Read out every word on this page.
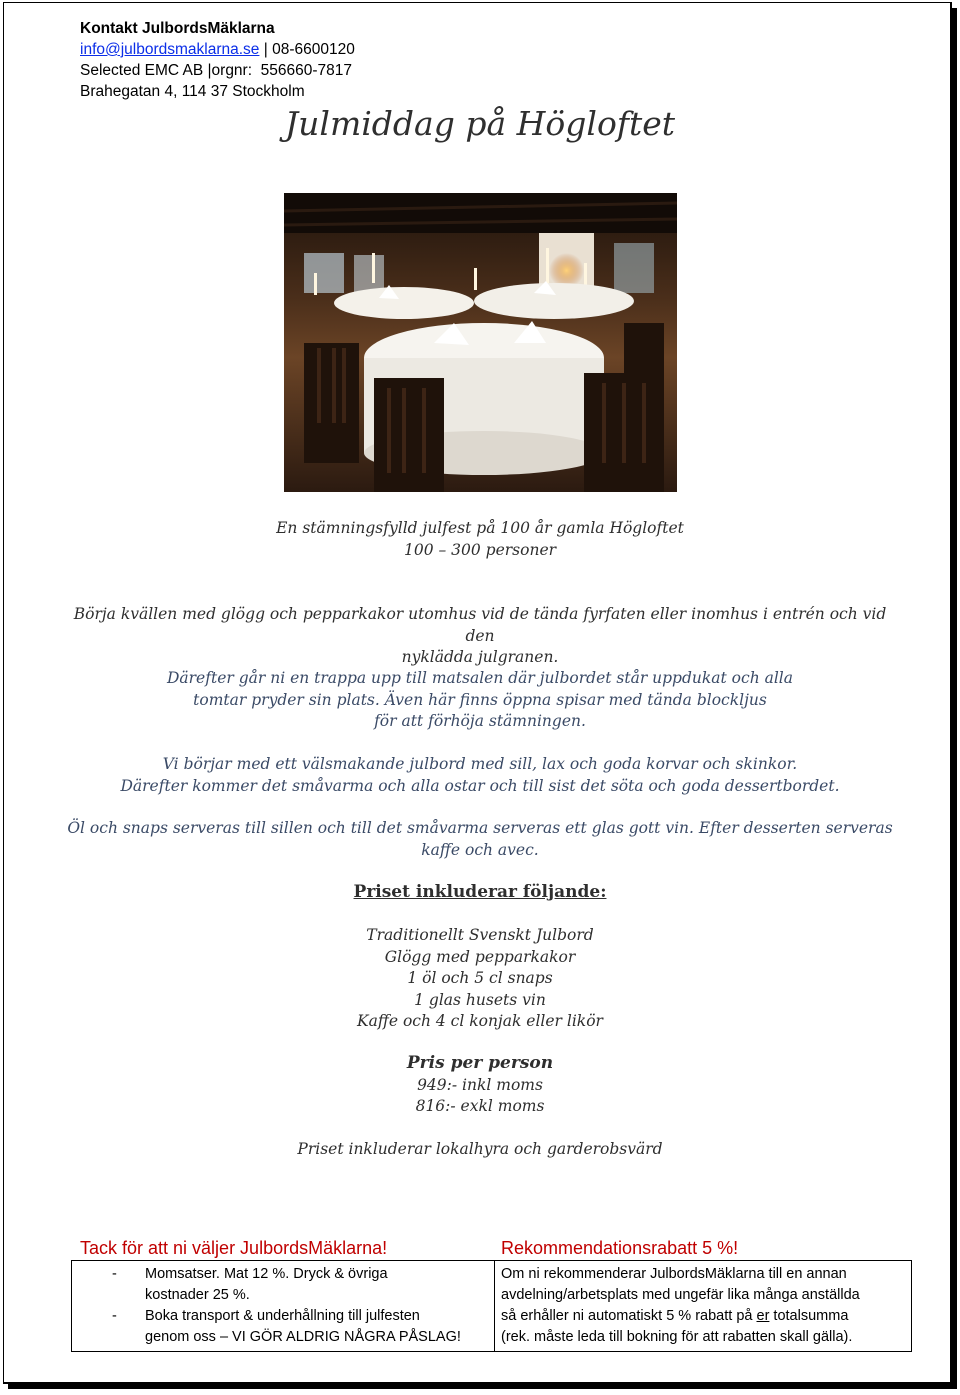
Kontakt JulbordsMäklarna
info@julbordsmaklarna.se | 08-6600120
Selected EMC AB |orgnr:  556660-7817
Brahegatan 4, 114 37 Stockholm
Julmiddag på Högloftet
En stämningsfylld julfest på 100 år gamla Högloftet
100 – 300 personer
Börja kvällen med glögg och pepparkakor utomhus vid de tända fyrfaten eller inomhus i entrén och vid den
nyklädda julgranen.
Därefter går ni en trappa upp till matsalen där julbordet står uppdukat och alla
tomtar pryder sin plats. Även här finns öppna spisar med tända blockljus
för att förhöja stämningen.
Vi börjar med ett välsmakande julbord med sill, lax och goda korvar och skinkor.
Därefter kommer det småvarma och alla ostar och till sist det söta och goda dessertbordet.
Öl och snaps serveras till sillen och till det småvarma serveras ett glas gott vin. Efter desserten serveras
kaffe och avec.
Priset inkluderar följande:
Traditionellt Svenskt Julbord
Glögg med pepparkakor
1 öl och 5 cl snaps
1 glas husets vin
Kaffe och 4 cl konjak eller likör
Pris per person
949:- inkl moms
816:- exkl moms
Priset inkluderar lokalhyra och garderobsvärd
Tack för att ni väljer JulbordsMäklarna!	Rekommendationsrabatt 5 %!
- Momsatser. Mat 12 %. Dryck & övriga
kostnader 25 %.
- Boka transport & underhållning till julfesten
genom oss – VI GÖR ALDRIG NÅGRA PÅSLAG!
Om ni rekommenderar JulbordsMäklarna till en annan
avdelning/arbetsplats med ungefär lika många anställda
så erhåller ni automatiskt 5 % rabatt på er totalsumma
(rek. måste leda till bokning för att rabatten skall gälla).
